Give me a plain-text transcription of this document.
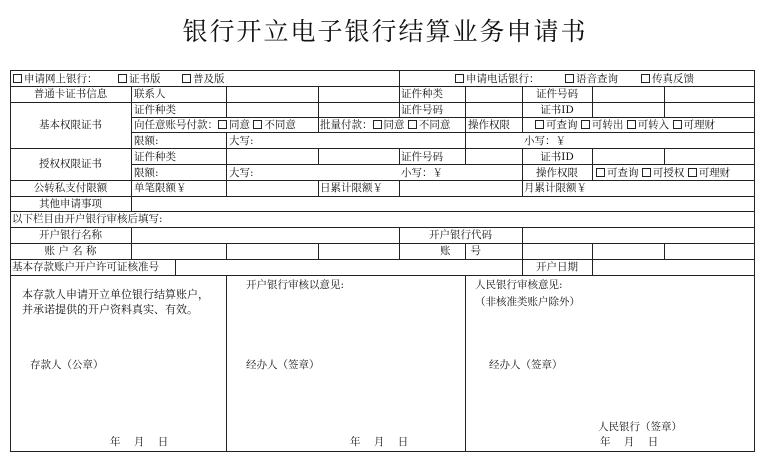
银行开立电子银行结算业务申请书
申请网上银行：	证书版	普及版	申请电话银行：	语音查询	传真反馈
普通卡证书信息	联系人	证件种类	证件号码
基本权限证书
证件种类	证件号码	证书ID
向任意账号付款： 同意 不同意 批量付款： 同意 不同意 操作权限	可查询 可转出 可转入 可理财
限额:	大写:	小写：￥
授权权限证书
证件种类	证件号码	证书ID
限额:	大写:	小写：￥	操作权限	可查询 可授权 可理财
公转私支付限额	单笔限额￥	日累计限额￥	月累计限额￥
其他申请事项
以下栏目由开户银行审核后填写:
开户银行名称	开户银行代码
账 户 名 称	账      号
基本存款账户开户许可证核准号	开户日期
本存款人申请开立单位银行结算账户，并承诺提供的开户资料真实、有效。
存款人（公章）
年    月    日
开户银行审核以意见:
经办人（签章）
年    月    日
人民银行审核意见:
（非核准类账户除外）
经办人（签章）
人民银行（签章）
年    月    日
